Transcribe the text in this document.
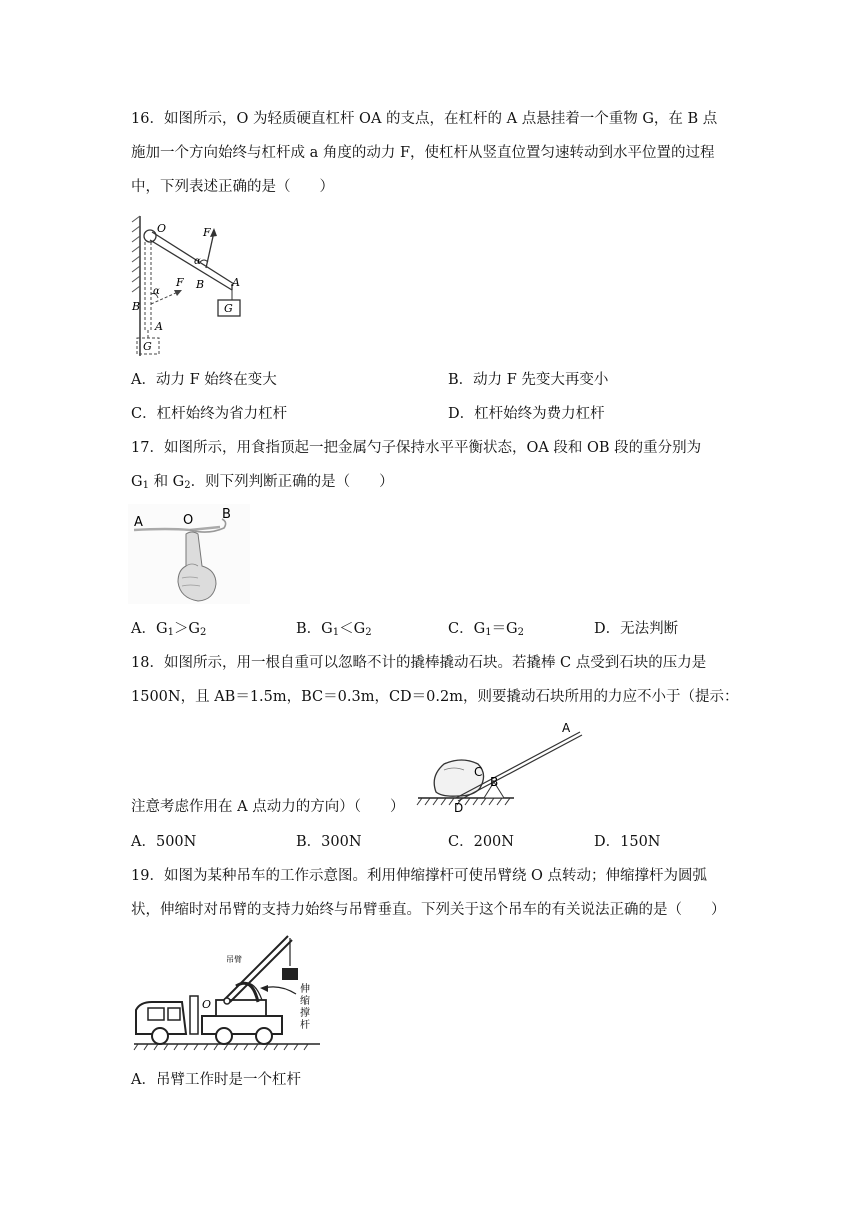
16．如图所示，O 为轻质硬直杠杆 OA 的支点，在杠杆的 A 点悬挂着一个重物 G，在 B 点
施加一个方向始终与杠杆成 a 角度的动力 F，使杠杆从竖直位置匀速转动到水平位置的过程
中，下列表述正确的是（　　）
O	F
α
B	A
G
F
α
B
A
G
A．动力 F 始终在变大	B．动力 F 先变大再变小
C．杠杆始终为省力杠杆	D．杠杆始终为费力杠杆
17．如图所示，用食指顶起一把金属勺子保持水平平衡状态，OA 段和 OB 段的重分别为
$G_1$ 和 $G_2$．则下列判断正确的是（　　）
A	O B
A．$G_1>G_2$	B．$G_1<G_2$	C．$G_1=G_2$	D．无法判断
18．如图所示，用一根自重可以忽略不计的撬棒撬动石块。若撬棒 C 点受到石块的压力是
1500N，且 AB＝1.5m，BC＝0.3m，CD＝0.2m，则要撬动石块所用的力应不小于（提示：
A
B
C
D
注意考虑作用在 A 点动力的方向）（　　）
A．500N	B．300N	C．200N	D．150N
19．如图为某种吊车的工作示意图。利用伸缩撑杆可使吊臂绕 O 点转动；伸缩撑杆为圆弧
状，伸缩时对吊臂的支持力始终与吊臂垂直。下列关于这个吊车的有关说法正确的是（　　）
吊臂
O
伸
缩
撑
杆
A．吊臂工作时是一个杠杆
